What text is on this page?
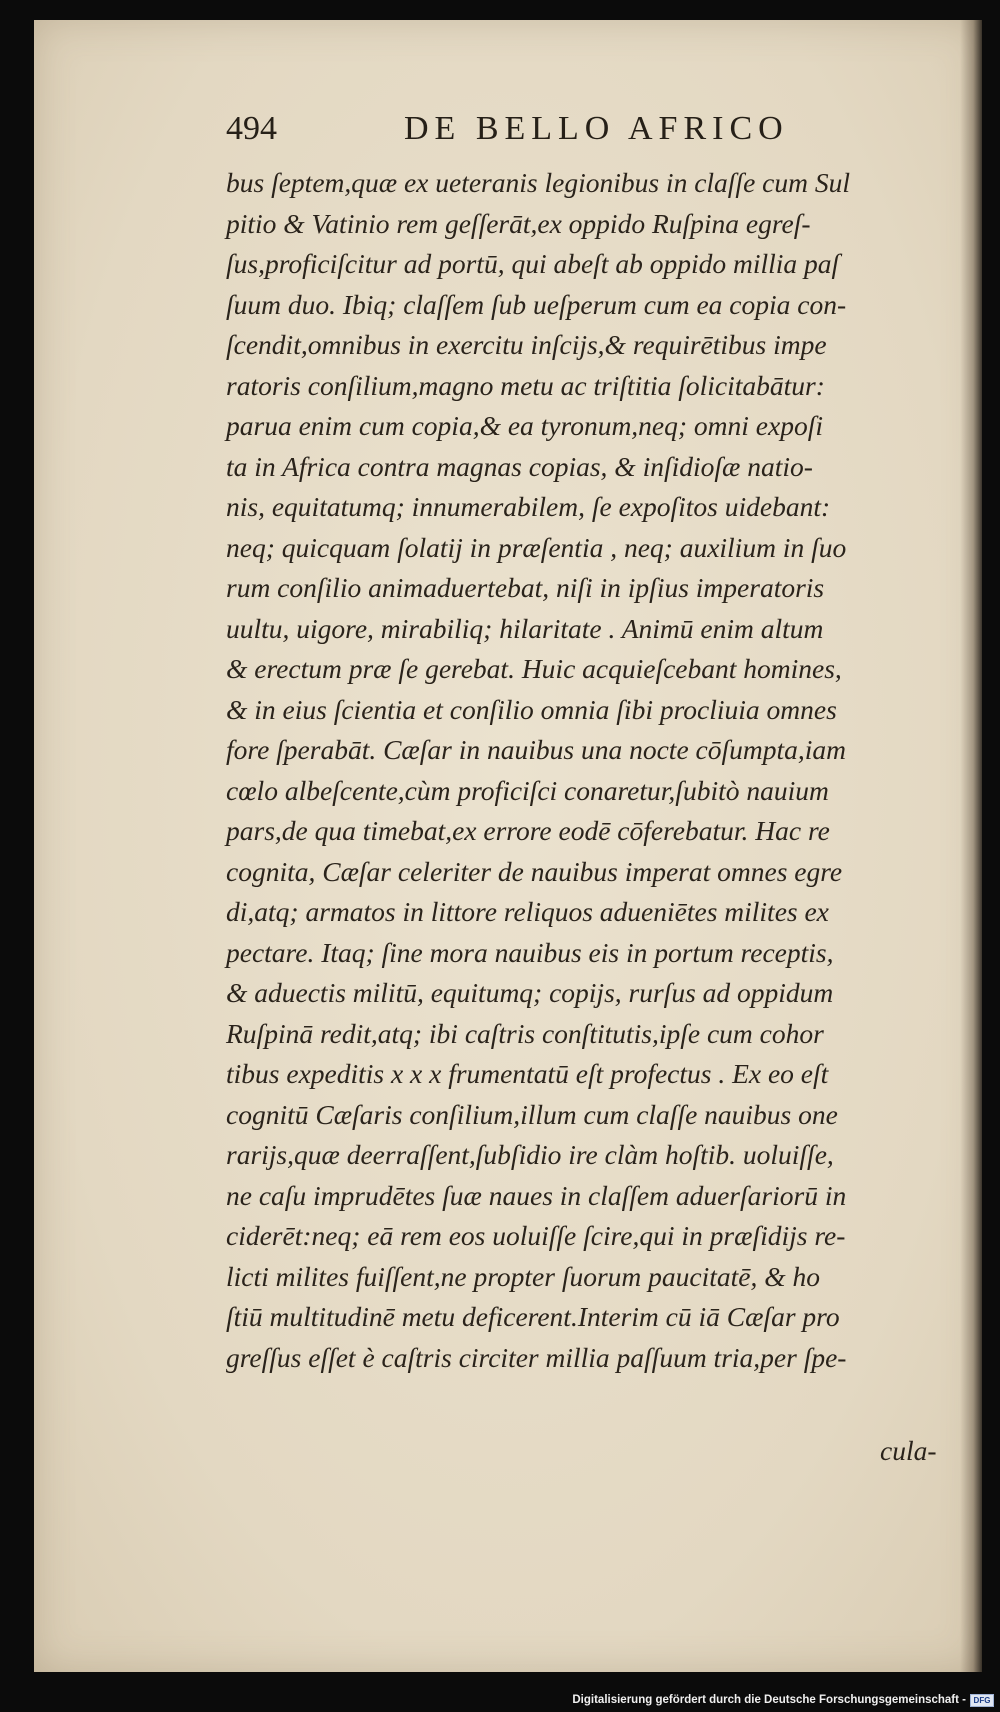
494	DE BELLO AFRICO
bus ſeptem,quæ ex ueteranis legionibus in claſſe cum Sul
pitio & Vatinio rem geſſerāt,ex oppido Ruſpina egreſ-
ſus,proficiſcitur ad portū, qui abeſt ab oppido millia paſ
ſuum duo. Ibiq; claſſem ſub ueſperum cum ea copia con-
ſcendit,omnibus in exercitu inſcijs,& requirētibus impe
ratoris conſilium,magno metu ac triſtitia ſolicitabātur:
parua enim cum copia,& ea tyronum,neq; omni expoſi
ta in Africa contra magnas copias, & inſidioſæ natio-
nis, equitatumq; innumerabilem, ſe expoſitos uidebant:
neq; quicquam ſolatij in præſentia , neq; auxilium in ſuo
rum conſilio animaduertebat, niſi in ipſius imperatoris
uultu, uigore, mirabiliq; hilaritate . Animū enim altum
& erectum præ ſe gerebat. Huic acquieſcebant homines,
& in eius ſcientia et conſilio omnia ſibi procliuia omnes
fore ſperabāt. Cæſar in nauibus una nocte cōſumpta,iam
cœlo albeſcente,cùm proficiſci conaretur,ſubitò nauium
pars,de qua timebat,ex errore eodē cōferebatur. Hac re
cognita, Cæſar celeriter de nauibus imperat omnes egre
di,atq; armatos in littore reliquos adueniētes milites ex
pectare. Itaq; ſine mora nauibus eis in portum receptis,
& aduectis militū, equitumq; copijs, rurſus ad oppidum
Ruſpinā redit,atq; ibi caſtris conſtitutis,ipſe cum cohor
tibus expeditis x x x frumentatū eſt profectus . Ex eo eſt
cognitū Cæſaris conſilium,illum cum claſſe nauibus one
rarijs,quæ deerraſſent,ſubſidio ire clàm hoſtib. uoluiſſe,
ne caſu imprudētes ſuæ naues in claſſem aduerſariorū in
ciderēt:neq; eā rem eos uoluiſſe ſcire,qui in præſidijs re-
licti milites fuiſſent,ne propter ſuorum paucitatē, & ho
ſtiū multitudinē metu deficerent.Interim cū iā Cæſar pro
greſſus eſſet è caſtris circiter millia paſſuum tria,per ſpe-
cula-
Digitalisierung gefördert durch die Deutsche Forschungsgemeinschaft - DFG
